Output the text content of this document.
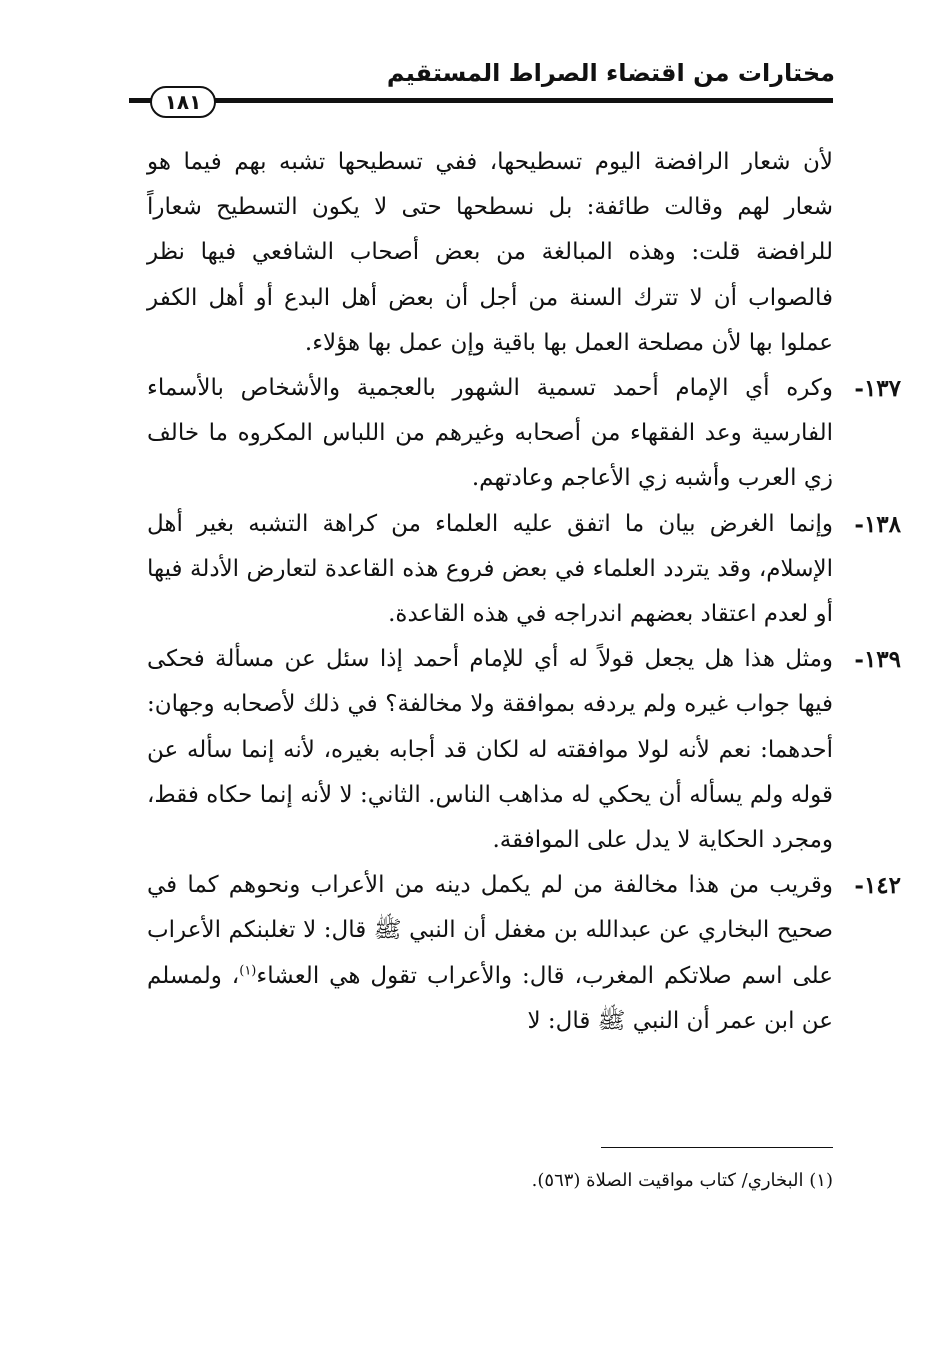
مختارات من اقتضاء الصراط المستقيم
١٨١

لأن شعار الرافضة اليوم تسطيحها، ففي تسطيحها تشبه بهم فيما هو شعار لهم وقالت طائفة: بل نسطحها حتى لا يكون التسطيح شعاراً للرافضة قلت: وهذه المبالغة من بعض أصحاب الشافعي فيها نظر فالصواب أن لا تترك السنة من أجل أن بعض أهل البدع أو أهل الكفر عملوا بها لأن مصلحة العمل بها باقية وإن عمل بها هؤلاء.

١٣٧-

وكره أي الإمام أحمد تسمية الشهور بالعجمية والأشخاص بالأسماء الفارسية وعد الفقهاء من أصحابه وغيرهم من اللباس المكروه ما خالف زي العرب وأشبه زي الأعاجم وعادتهم.

١٣٨-

وإنما الغرض بيان ما اتفق عليه العلماء من كراهة التشبه بغير أهل الإسلام، وقد يتردد العلماء في بعض فروع هذه القاعدة لتعارض الأدلة فيها أو لعدم اعتقاد بعضهم اندراجه في هذه القاعدة.

١٣٩-

ومثل هذا هل يجعل قولاً له أي للإمام أحمد إذا سئل عن مسألة فحكى فيها جواب غيره ولم يردفه بموافقة ولا مخالفة؟ في ذلك لأصحابه وجهان: أحدهما: نعم لأنه لولا موافقته له لكان قد أجابه بغيره، لأنه إنما سأله عن قوله ولم يسأله أن يحكي له مذاهب الناس. الثاني: لا لأنه إنما حكاه فقط، ومجرد الحكاية لا يدل على الموافقة.

١٤٢-

وقريب من هذا مخالفة من لم يكمل دينه من الأعراب ونحوهم كما في صحيح البخاري عن عبدالله بن مغفل أن النبي ﷺ قال: لا تغلبنكم الأعراب على اسم صلاتكم المغرب، قال: والأعراب تقول هي العشاء$^{(١)}$، ولمسلم عن ابن عمر أن النبي ﷺ قال: لا

(١) البخاري/ كتاب مواقيت الصلاة (٥٦٣).
